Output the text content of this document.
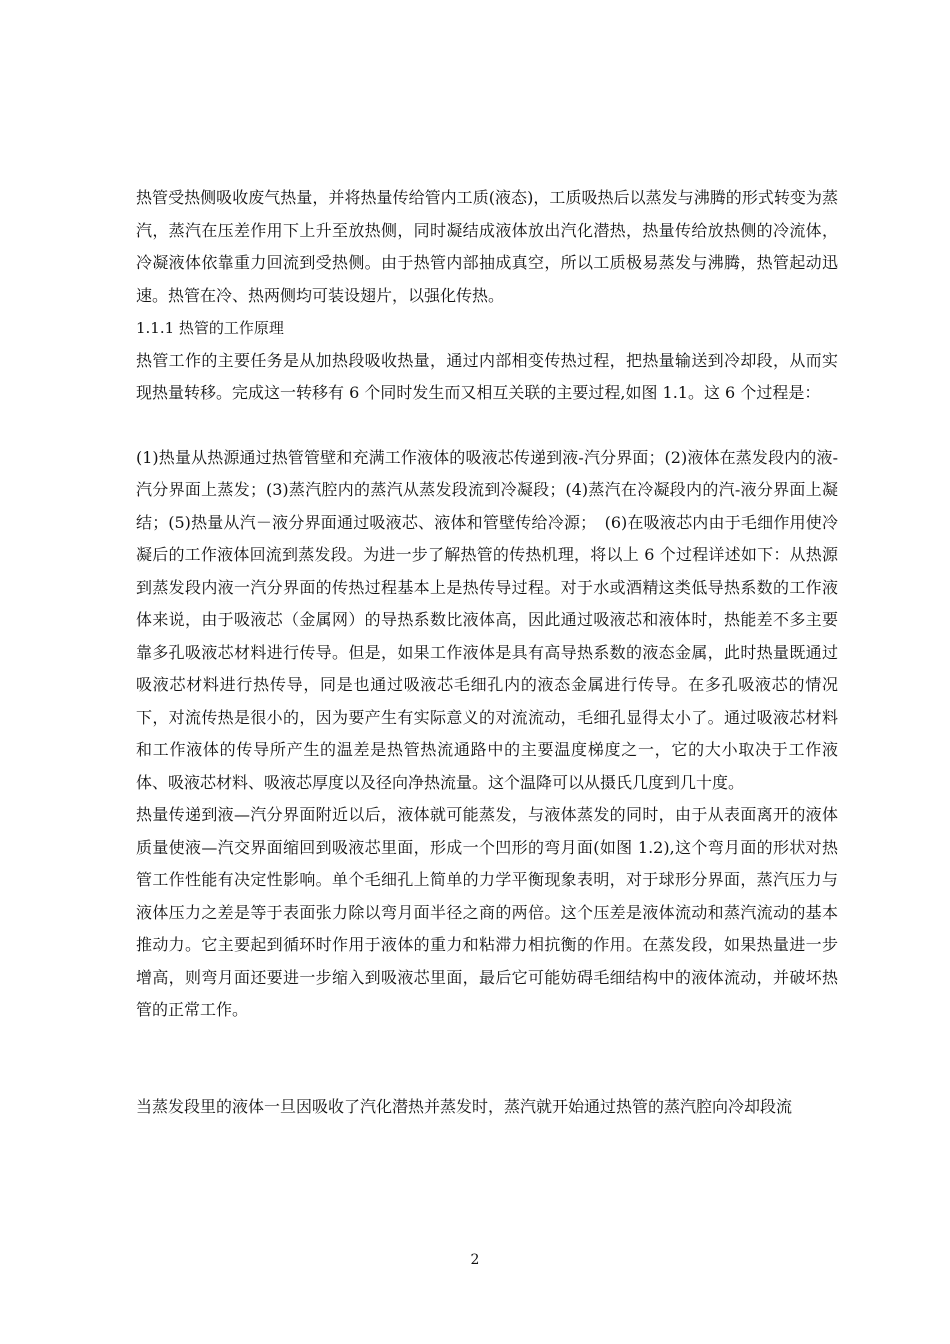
热管受热侧吸收废气热量，并将热量传给管内工质(液态)，工质吸热后以蒸发与沸腾的形式转变为蒸汽，蒸汽在压差作用下上升至放热侧，同时凝结成液体放出汽化潜热，热量传给放热侧的冷流体，冷凝液体依靠重力回流到受热侧。由于热管内部抽成真空，所以工质极易蒸发与沸腾，热管起动迅速。热管在冷、热两侧均可装设翅片，以强化传热。

1.1.1 热管的工作原理

热管工作的主要任务是从加热段吸收热量，通过内部相变传热过程，把热量输送到冷却段，从而实现热量转移。完成这一转移有 6 个同时发生而又相互关联的主要过程,如图 1.1。这 6 个过程是：

(1)热量从热源通过热管管壁和充满工作液体的吸液芯传递到液-汽分界面；(2)液体在蒸发段内的液-汽分界面上蒸发；(3)蒸汽腔内的蒸汽从蒸发段流到冷凝段；(4)蒸汽在冷凝段内的汽-液分界面上凝结；(5)热量从汽－液分界面通过吸液芯、液体和管壁传给冷源；　(6)在吸液芯内由于毛细作用使冷凝后的工作液体回流到蒸发段。为进一步了解热管的传热机理，将以上 6 个过程详述如下：从热源到蒸发段内液一汽分界面的传热过程基本上是热传导过程。对于水或酒精这类低导热系数的工作液体来说，由于吸液芯（金属网）的导热系数比液体高，因此通过吸液芯和液体时，热能差不多主要靠多孔吸液芯材料进行传导。但是，如果工作液体是具有高导热系数的液态金属，此时热量既通过吸液芯材料进行热传导，同是也通过吸液芯毛细孔内的液态金属进行传导。在多孔吸液芯的情况下，对流传热是很小的，因为要产生有实际意义的对流流动，毛细孔显得太小了。通过吸液芯材料和工作液体的传导所产生的温差是热管热流通路中的主要温度梯度之一，它的大小取决于工作液体、吸液芯材料、吸液芯厚度以及径向净热流量。这个温降可以从摄氏几度到几十度。

热量传递到液—汽分界面附近以后，液体就可能蒸发，与液体蒸发的同时，由于从表面离开的液体质量使液—汽交界面缩回到吸液芯里面，形成一个凹形的弯月面(如图 1.2),这个弯月面的形状对热管工作性能有决定性影响。单个毛细孔上简单的力学平衡现象表明，对于球形分界面，蒸汽压力与液体压力之差是等于表面张力除以弯月面半径之商的两倍。这个压差是液体流动和蒸汽流动的基本推动力。它主要起到循环时作用于液体的重力和粘滞力相抗衡的作用。在蒸发段，如果热量进一步增高，则弯月面还要进一步缩入到吸液芯里面，最后它可能妨碍毛细结构中的液体流动，并破坏热管的正常工作。

当蒸发段里的液体一旦因吸收了汽化潜热并蒸发时，蒸汽就开始通过热管的蒸汽腔向冷却段流

2
